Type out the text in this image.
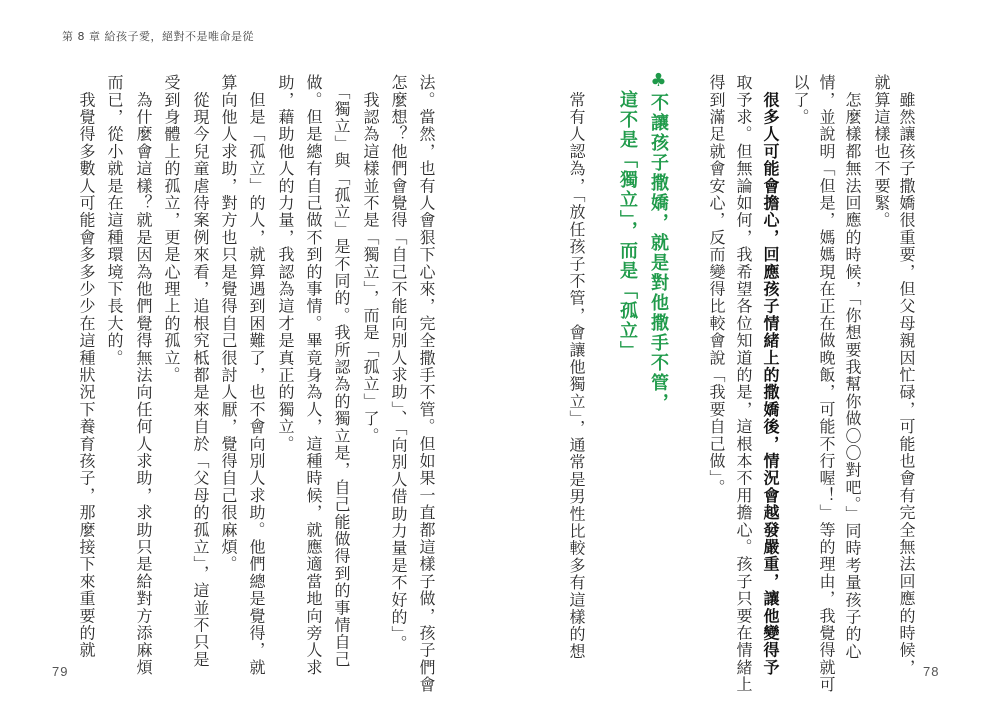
第 8 章 給孩子愛，絕對不是唯命是從
　雖然讓孩子撒嬌很重要，但父母親因忙碌，可能也會有完全無法回應的時候，
就算這樣也不要緊。
　怎麼樣都無法回應的時候，「你想要我幫你做〇〇對吧。」同時考量孩子的心
情，並說明「但是，媽媽現在正在做晚飯，可能不行喔！」等的理由，我覺得就可
以了。
　很多人可能會擔心，回應孩子情緒上的撒嬌後，情況會越發嚴重，讓他變得予
取予求。但無論如何，我希望各位知道的是，這根本不用擔心。孩子只要在情緒上
得到滿足就會安心，反而變得比較會說「我要自己做」。
♣不讓孩子撒嬌，就是對他撒手不管，
　這不是「獨立」，而是「孤立」
　常有人認為，「放任孩子不管，會讓他獨立」，通常是男性比較多有這樣的想
法。當然，也有人會狠下心來，完全撒手不管。但如果一直都這樣子做，孩子們會
怎麼想？他們會覺得「自己不能向別人求助」、「向別人借助力量是不好的」。
　我認為這樣並不是「獨立」，而是「孤立」了。
　「獨立」與「孤立」是不同的。我所認為的獨立是，自己能做得到的事情自己
做。但是總有自己做不到的事情。畢竟身為人，這種時候，就應適當地向旁人求
助，藉助他人的力量，我認為這才是真正的獨立。
　但是「孤立」的人，就算遇到困難了，也不會向別人求助。他們總是覺得，就
算向他人求助，對方也只是覺得自己很討人厭，覺得自己很麻煩。
　從現今兒童虐待案例來看，追根究柢都是來自於「父母的孤立」，這並不只是
受到身體上的孤立，更是心理上的孤立。
　為什麼會這樣？就是因為他們覺得無法向任何人求助，求助只是給對方添麻煩
而已，從小就是在這種環境下長大的。
　我覺得多數人可能會多多少少在這種狀況下養育孩子，那麼接下來重要的就
79	78
